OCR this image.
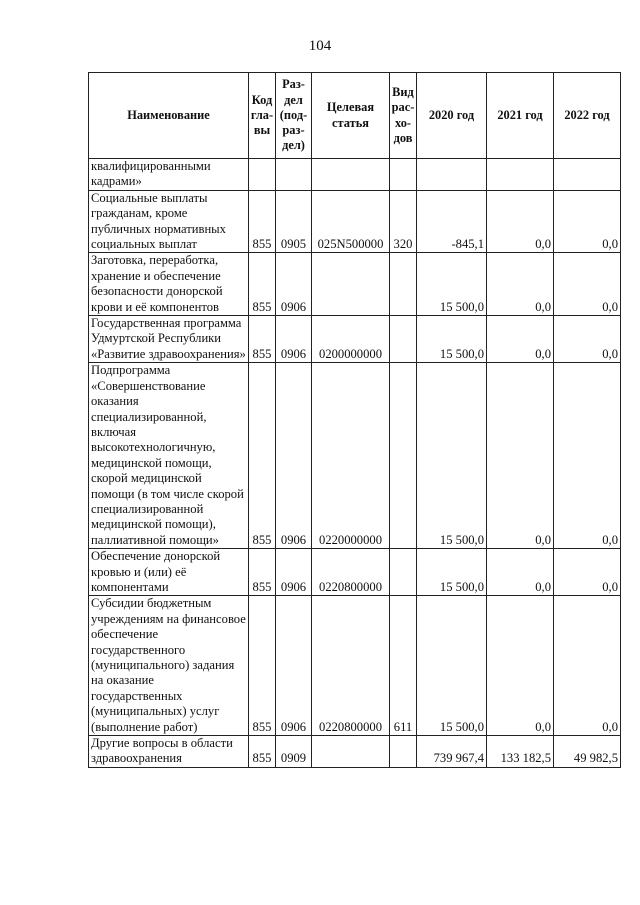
104
Наименование	Код гла- вы	Раз- дел (под- раз- дел)	Целевая статья	Вид рас- хо- дов	2020 год	2021 год	2022 год
квалифицированными кадрами»							
Социальные выплаты гражданам, кроме публичных нормативных социальных выплат	855	0905	025N500000	320	-845,1	0,0	0,0
Заготовка, переработка, хранение и обеспечение безопасности донорской крови и её компонентов	855	0906			15 500,0	0,0	0,0
Государственная программа Удмуртской Республики «Развитие здравоохранения»	855	0906	0200000000		15 500,0	0,0	0,0
Подпрограмма «Совершенствование оказания специализированной, включая высокотехнологичную, медицинской помощи, скорой медицинской помощи (в том числе скорой специализированной медицинской помощи), паллиативной помощи»	855	0906	0220000000		15 500,0	0,0	0,0
Обеспечение донорской кровью и (или) её компонентами	855	0906	0220800000		15 500,0	0,0	0,0
Субсидии бюджетным учреждениям на финансовое обеспечение государственного (муниципального) задания на оказание государственных (муниципальных) услуг (выполнение работ)	855	0906	0220800000	611	15 500,0	0,0	0,0
Другие вопросы в области здравоохранения	855	0909			739 967,4	133 182,5	49 982,5
